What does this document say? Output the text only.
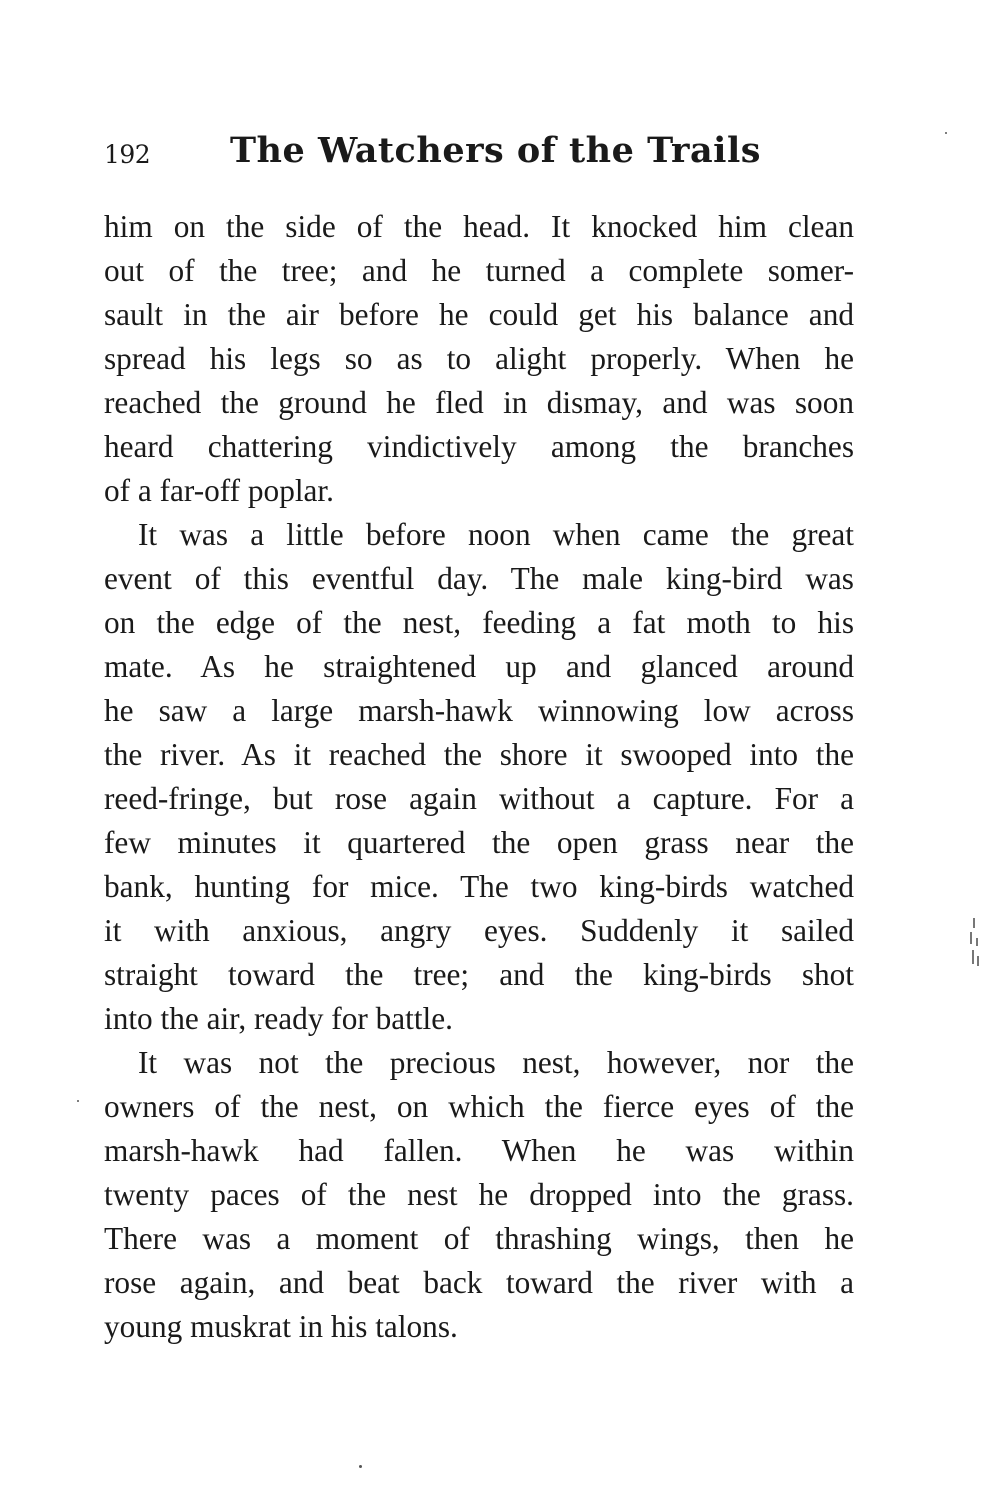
192 The Watchers of the Trails

him on the side of the head. It knocked him clean
out of the tree; and he turned a complete somer-
sault in the air before he could get his balance and
spread his legs so as to alight properly. When he
reached the ground he fled in dismay, and was soon
heard chattering vindictively among the branches
of a far-off poplar.

It was a little before noon when came the great
event of this eventful day. The male king-bird was
on the edge of the nest, feeding a fat moth to his
mate. As he straightened up and glanced around
he saw a large marsh-hawk winnowing low across
the river. As it reached the shore it swooped into the
reed-fringe, but rose again without a capture. For a
few minutes it quartered the open grass near the
bank, hunting for mice. The two king-birds watched
it with anxious, angry eyes. Suddenly it sailed
straight toward the tree; and the king-birds shot
into the air, ready for battle.

It was not the precious nest, however, nor the
owners of the nest, on which the fierce eyes of the
marsh-hawk had fallen. When he was within
twenty paces of the nest he dropped into the grass.
There was a moment of thrashing wings, then he
rose again, and beat back toward the river with a
young muskrat in his talons.
